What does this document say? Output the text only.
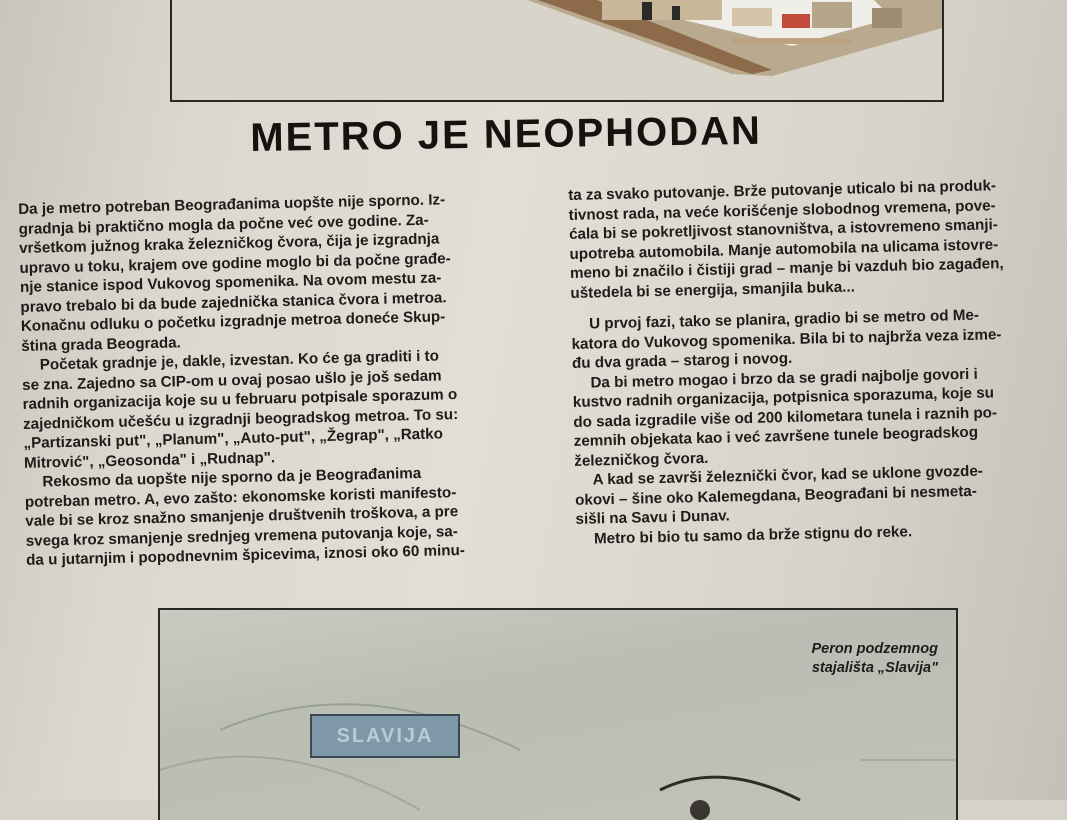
METRO JE NEOPHODAN

Da je metro potreban Beograđanima uopšte nije sporno. Iz-
gradnja bi praktično mogla da počne već ove godine. Za-
vršetkom južnog kraka železničkog čvora, čija je izgradnja
upravo u toku, krajem ove godine moglo bi da počne građe-
nje stanice ispod Vukovog spomenika. Na ovom mestu za-
pravo trebalo bi da bude zajednička stanica čvora i metroa.
Konačnu odluku o početku izgradnje metroa doneće Skup-
ština grada Beograda.

Početak gradnje je, dakle, izvestan. Ko će ga graditi i to
se zna. Zajedno sa CIP-om u ovaj posao ušlo je još sedam
radnih organizacija koje su u februaru potpisale sporazum o
zajedničkom učešću u izgradnji beogradskog metroa. To su:
„Partizanski put", „Planum", „Auto-put", „Žegrap", „Ratko
Mitrović", „Geosonda" i „Rudnap".

Rekosmo da uopšte nije sporno da je Beograđanima
potreban metro. A, evo zašto: ekonomske koristi manifesto-
vale bi se kroz snažno smanjenje društvenih troškova, a pre
svega kroz smanjenje srednjeg vremena putovanja koje, sa-
da u jutarnjim i popodnevnim špicevima, iznosi oko 60 minu-

ta za svako putovanje. Brže putovanje uticalo bi na produk-
tivnost rada, na veće korišćenje slobodnog vremena, pove-
ćala bi se pokretljivost stanovništva, a istovremeno smanji-
upotreba automobila. Manje automobila na ulicama istovre-
meno bi značilo i čistiji grad – manje bi vazduh bio zagađen,
uštedela bi se energija, smanjila buka...

U prvoj fazi, tako se planira, gradio bi se metro od Me-
katora do Vukovog spomenika. Bila bi to najbrža veza izme-
đu dva grada – starog i novog.

Da bi metro mogao i brzo da se gradi najbolje govori i
kustvo radnih organizacija, potpisnica sporazuma, koje su
do sada izgradile više od 200 kilometara tunela i raznih po-
zemnih objekata kao i već završene tunele beogradskog
železničkog čvora.

A kad se završi železnički čvor, kad se uklone gvozde-
okovi – šine oko Kalemegdana, Beograđani bi nesmeta-
sišli na Savu i Dunav.

Metro bi bio tu samo da brže stignu do reke.

SLAVIJA
Peron podzemnog
stajališta „Slavija"
